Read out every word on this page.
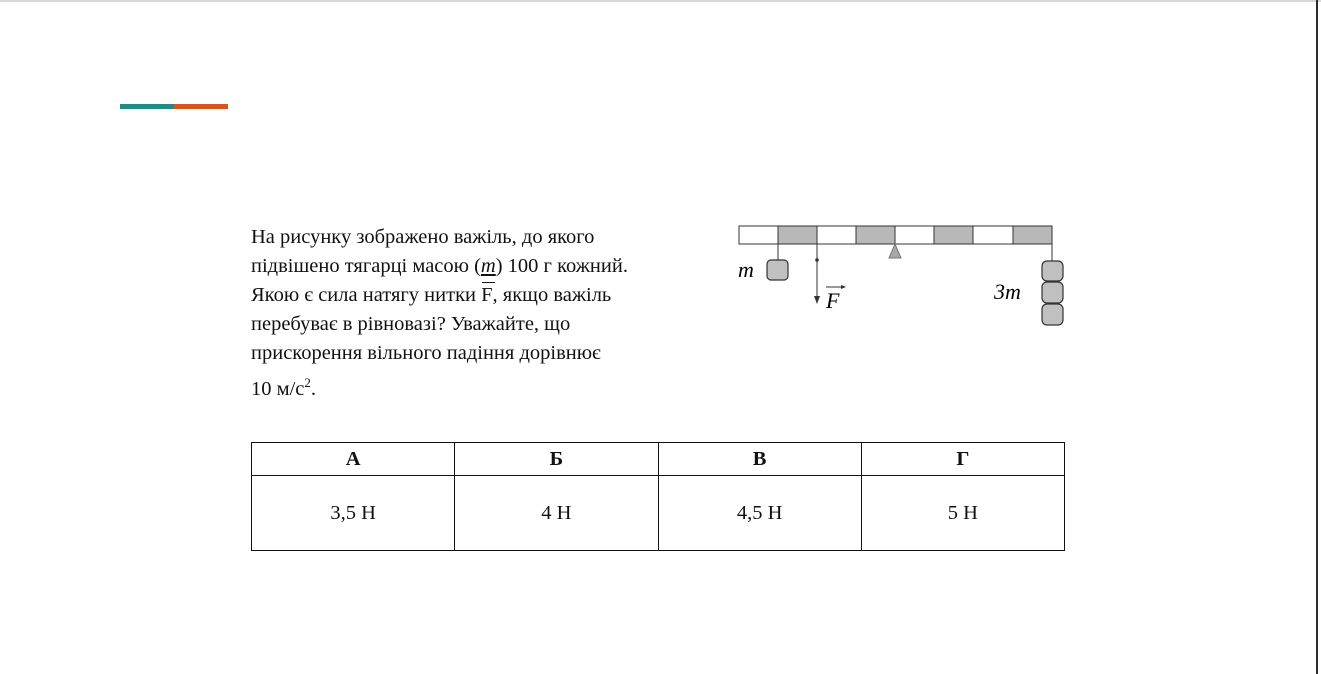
На рисунку зображено важіль, до якого
підвішено тягарці масою (m) 100 г кожний.
Якою є сила натягу нитки F, якщо важіль
перебуває в рівновазі? Уважайте, що
прискорення вільного падіння дорівнює
10 $м/с^2$.
m
F	3m
А	Б	В	Г
3,5 Н	4 Н	4,5 Н	5 Н
